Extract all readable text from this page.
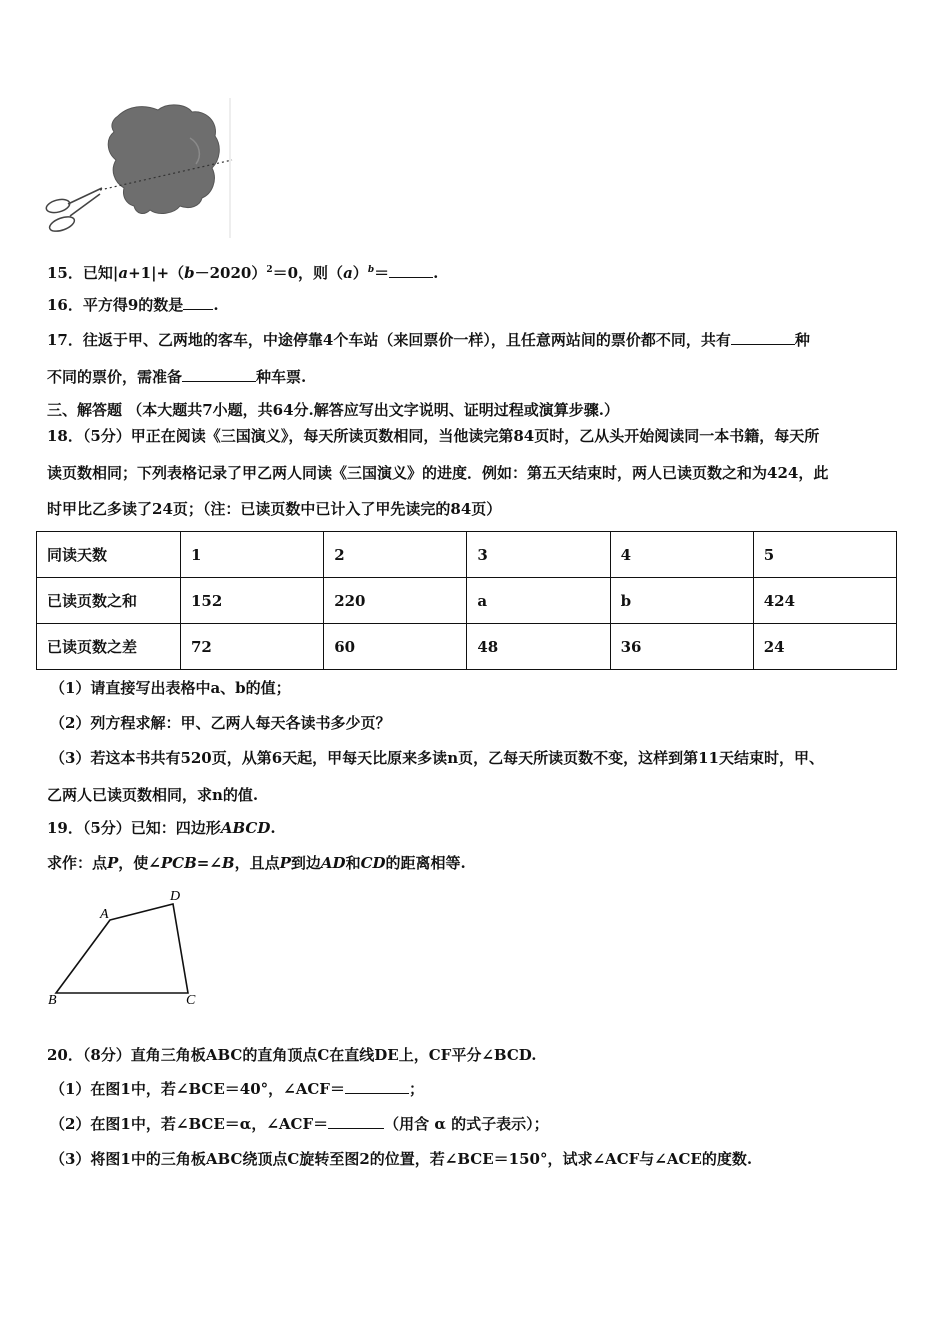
15．已知$|a+1|+(b-2020)^2=0$，则$(a)^b=$	.
16．平方得9的数是 .
17．往返于甲、乙两地的客车，中途停靠4个车站（来回票价一样），且任意两站间的票价都不同，共有	种
不同的票价，需准备	种车票.
三、解答题 （本大题共7小题，共64分.解答应写出文字说明、证明过程或演算步骤.）
18．（5分）甲正在阅读《三国演义》，每天所读页数相同，当他读完第84页时，乙从头开始阅读同一本书籍，每天所
读页数相同；下列表格记录了甲乙两人同读《三国演义》的进度．例如：第五天结束时，两人已读页数之和为424，此
时甲比乙多读了24页；（注：已读页数中已计入了甲先读完的84页）
同读天数	1	2	3	4	5
已读页数之和	152	220	a	b	424
已读页数之差	72	60	48	36	24
（1）请直接写出表格中a、b的值；
（2）列方程求解：甲、乙两人每天各读书多少页？
（3）若这本书共有520页，从第6天起，甲每天比原来多读n页，乙每天所读页数不变，这样到第11天结束时，甲、
乙两人已读页数相同，求n的值.
19．（5分）已知：四边形ABCD.
求作：点P，使∠PCB=∠B，且点P到边AD和CD的距离相等.
A
D
B	C
20．（8分）直角三角板ABC的直角顶点C在直线DE上，CF平分∠BCD.
（1）在图1中，若∠BCE＝40°，∠ACF＝	；
（2）在图1中，若∠BCE＝α，∠ACF＝	（用含 α 的式子表示）；
（3）将图1中的三角板ABC绕顶点C旋转至图2的位置，若∠BCE＝150°，试求∠ACF与∠ACE的度数.
